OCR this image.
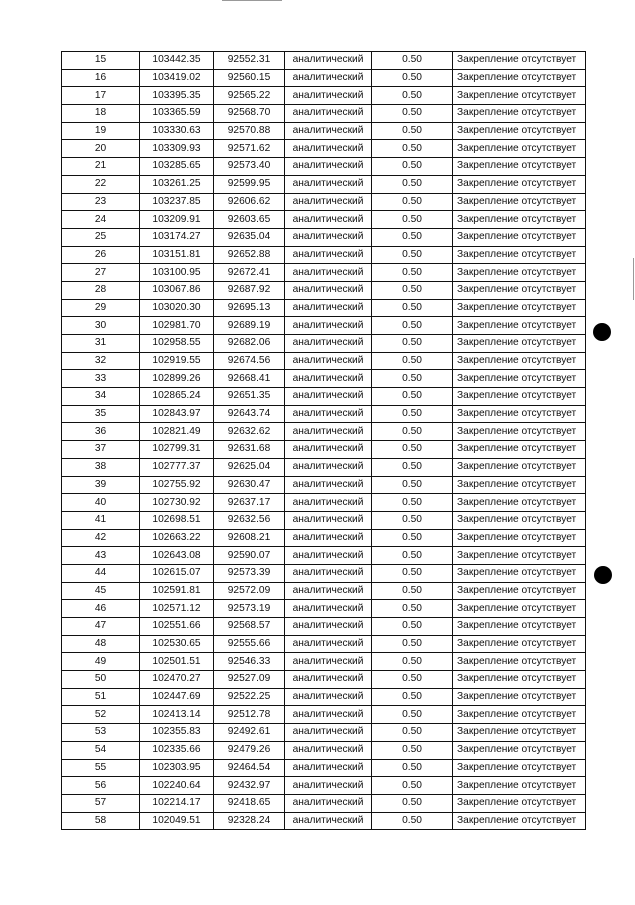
15	103442.35	92552.31	аналитический	0.50	Закрепление отсутствует
16	103419.02	92560.15	аналитический	0.50	Закрепление отсутствует
17	103395.35	92565.22	аналитический	0.50	Закрепление отсутствует
18	103365.59	92568.70	аналитический	0.50	Закрепление отсутствует
19	103330.63	92570.88	аналитический	0.50	Закрепление отсутствует
20	103309.93	92571.62	аналитический	0.50	Закрепление отсутствует
21	103285.65	92573.40	аналитический	0.50	Закрепление отсутствует
22	103261.25	92599.95	аналитический	0.50	Закрепление отсутствует
23	103237.85	92606.62	аналитический	0.50	Закрепление отсутствует
24	103209.91	92603.65	аналитический	0.50	Закрепление отсутствует
25	103174.27	92635.04	аналитический	0.50	Закрепление отсутствует
26	103151.81	92652.88	аналитический	0.50	Закрепление отсутствует
27	103100.95	92672.41	аналитический	0.50	Закрепление отсутствует
28	103067.86	92687.92	аналитический	0.50	Закрепление отсутствует
29	103020.30	92695.13	аналитический	0.50	Закрепление отсутствует
30	102981.70	92689.19	аналитический	0.50	Закрепление отсутствует
31	102958.55	92682.06	аналитический	0.50	Закрепление отсутствует
32	102919.55	92674.56	аналитический	0.50	Закрепление отсутствует
33	102899.26	92668.41	аналитический	0.50	Закрепление отсутствует
34	102865.24	92651.35	аналитический	0.50	Закрепление отсутствует
35	102843.97	92643.74	аналитический	0.50	Закрепление отсутствует
36	102821.49	92632.62	аналитический	0.50	Закрепление отсутствует
37	102799.31	92631.68	аналитический	0.50	Закрепление отсутствует
38	102777.37	92625.04	аналитический	0.50	Закрепление отсутствует
39	102755.92	92630.47	аналитический	0.50	Закрепление отсутствует
40	102730.92	92637.17	аналитический	0.50	Закрепление отсутствует
41	102698.51	92632.56	аналитический	0.50	Закрепление отсутствует
42	102663.22	92608.21	аналитический	0.50	Закрепление отсутствует
43	102643.08	92590.07	аналитический	0.50	Закрепление отсутствует
44	102615.07	92573.39	аналитический	0.50	Закрепление отсутствует
45	102591.81	92572.09	аналитический	0.50	Закрепление отсутствует
46	102571.12	92573.19	аналитический	0.50	Закрепление отсутствует
47	102551.66	92568.57	аналитический	0.50	Закрепление отсутствует
48	102530.65	92555.66	аналитический	0.50	Закрепление отсутствует
49	102501.51	92546.33	аналитический	0.50	Закрепление отсутствует
50	102470.27	92527.09	аналитический	0.50	Закрепление отсутствует
51	102447.69	92522.25	аналитический	0.50	Закрепление отсутствует
52	102413.14	92512.78	аналитический	0.50	Закрепление отсутствует
53	102355.83	92492.61	аналитический	0.50	Закрепление отсутствует
54	102335.66	92479.26	аналитический	0.50	Закрепление отсутствует
55	102303.95	92464.54	аналитический	0.50	Закрепление отсутствует
56	102240.64	92432.97	аналитический	0.50	Закрепление отсутствует
57	102214.17	92418.65	аналитический	0.50	Закрепление отсутствует
58	102049.51	92328.24	аналитический	0.50	Закрепление отсутствует
